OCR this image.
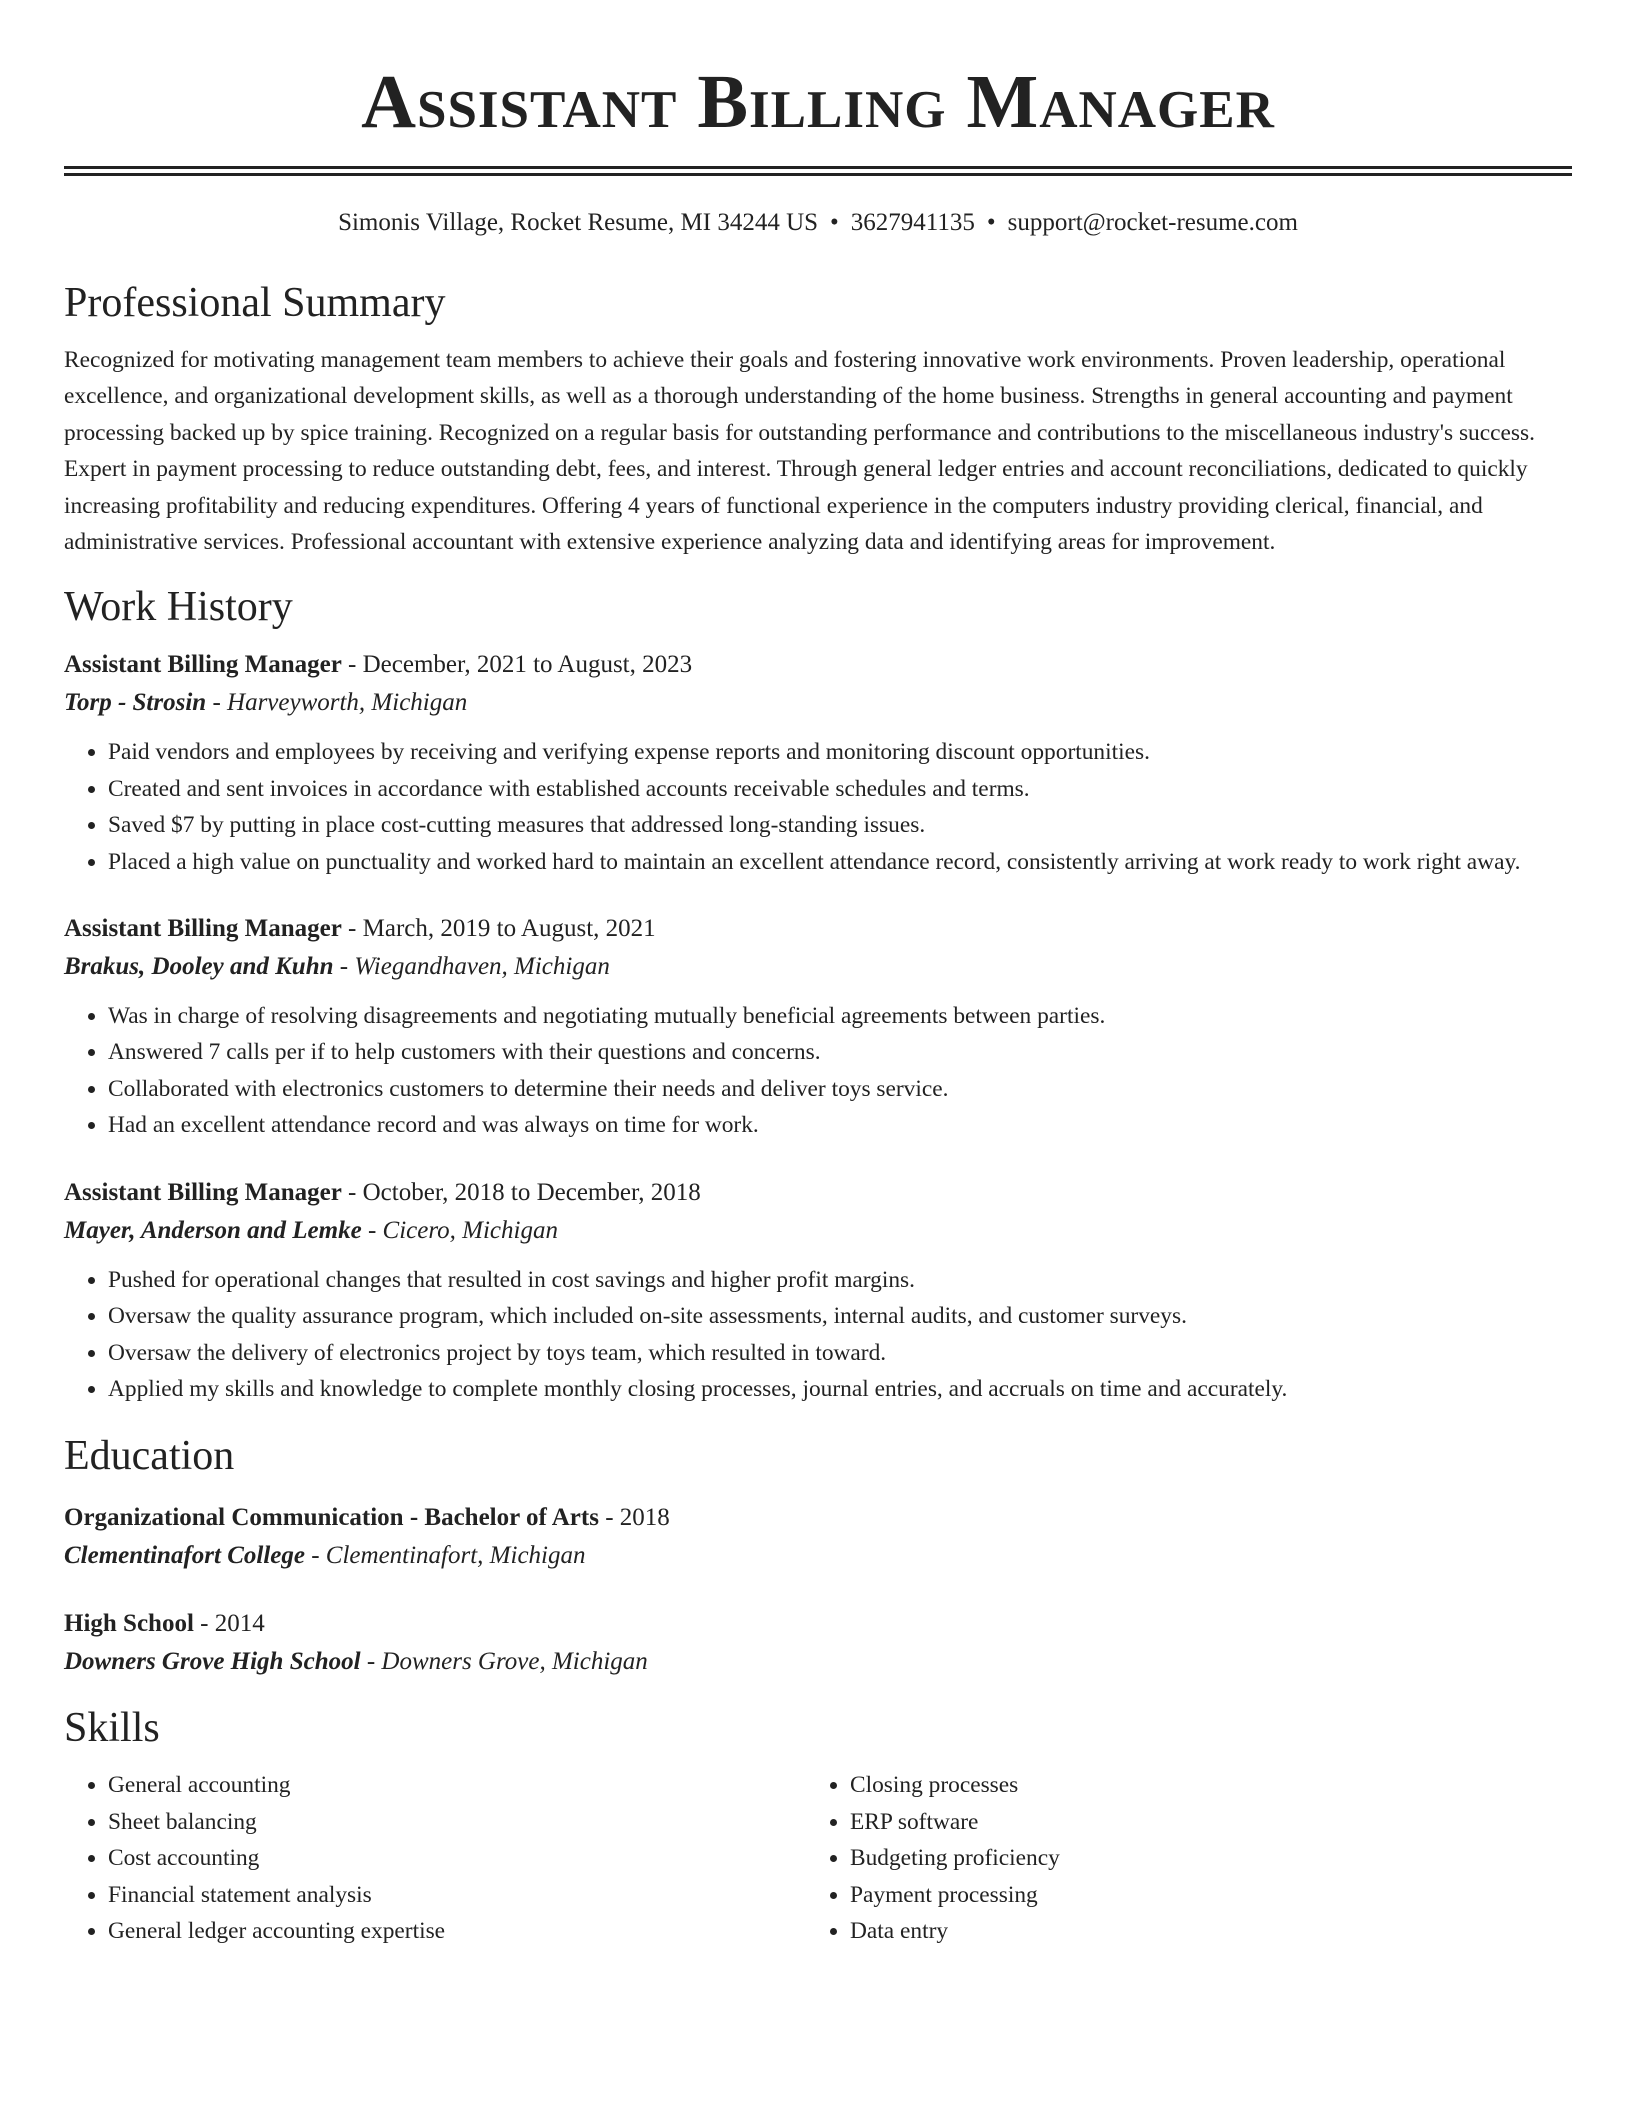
Assistant Billing Manager
Simonis Village, Rocket Resume, MI 34244 US • 3627941135 • support@rocket-resume.com
Professional Summary

Recognized for motivating management team members to achieve their goals and fostering innovative work environments. Proven leadership, operational excellence, and organizational development skills, as well as a thorough understanding of the home business. Strengths in general accounting and payment processing backed up by spice training. Recognized on a regular basis for outstanding performance and contributions to the miscellaneous industry's success. Expert in payment processing to reduce outstanding debt, fees, and interest. Through general ledger entries and account reconciliations, dedicated to quickly increasing profitability and reducing expenditures. Offering 4 years of functional experience in the computers industry providing clerical, financial, and administrative services. Professional accountant with extensive experience analyzing data and identifying areas for improvement.

Work History
Assistant Billing Manager - December, 2021 to August, 2023
Torp - Strosin - Harveyworth, Michigan
• Paid vendors and employees by receiving and verifying expense reports and monitoring discount opportunities.
• Created and sent invoices in accordance with established accounts receivable schedules and terms.
• Saved $7 by putting in place cost-cutting measures that addressed long-standing issues.
• Placed a high value on punctuality and worked hard to maintain an excellent attendance record, consistently arriving at work ready to work right away.
Assistant Billing Manager - March, 2019 to August, 2021
Brakus, Dooley and Kuhn - Wiegandhaven, Michigan
• Was in charge of resolving disagreements and negotiating mutually beneficial agreements between parties.
• Answered 7 calls per if to help customers with their questions and concerns.
• Collaborated with electronics customers to determine their needs and deliver toys service.
• Had an excellent attendance record and was always on time for work.
Assistant Billing Manager - October, 2018 to December, 2018
Mayer, Anderson and Lemke - Cicero, Michigan
• Pushed for operational changes that resulted in cost savings and higher profit margins.
• Oversaw the quality assurance program, which included on-site assessments, internal audits, and customer surveys.
• Oversaw the delivery of electronics project by toys team, which resulted in toward.
• Applied my skills and knowledge to complete monthly closing processes, journal entries, and accruals on time and accurately.
Education
Organizational Communication - Bachelor of Arts - 2018
Clementinafort College - Clementinafort, Michigan
High School - 2014
Downers Grove High School - Downers Grove, Michigan
Skills
• General accounting
• Sheet balancing
• Cost accounting
• Financial statement analysis
• General ledger accounting expertise
• Closing processes
• ERP software
• Budgeting proficiency
• Payment processing
• Data entry
